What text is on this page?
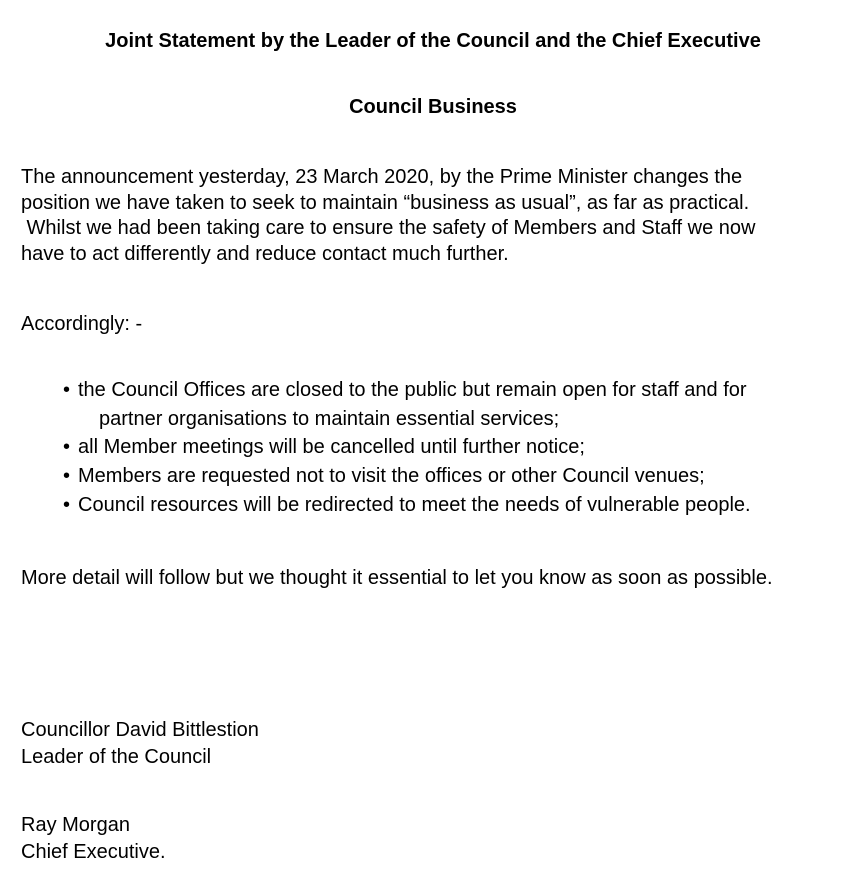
Joint Statement by the Leader of the Council and the Chief Executive
Council Business
The announcement yesterday, 23 March 2020, by the Prime Minister changes the
position we have taken to seek to maintain “business as usual”, as far as practical.
Whilst we had been taking care to ensure the safety of Members and Staff we now
have to act differently and reduce contact much further.
Accordingly: -
• the Council Offices are closed to the public but remain open for staff and for
partner organisations to maintain essential services;
• all Member meetings will be cancelled until further notice;
• Members are requested not to visit the offices or other Council venues;
• Council resources will be redirected to meet the needs of vulnerable people.
More detail will follow but we thought it essential to let you know as soon as possible.
Councillor David Bittlestion
Leader of the Council
Ray Morgan
Chief Executive.
